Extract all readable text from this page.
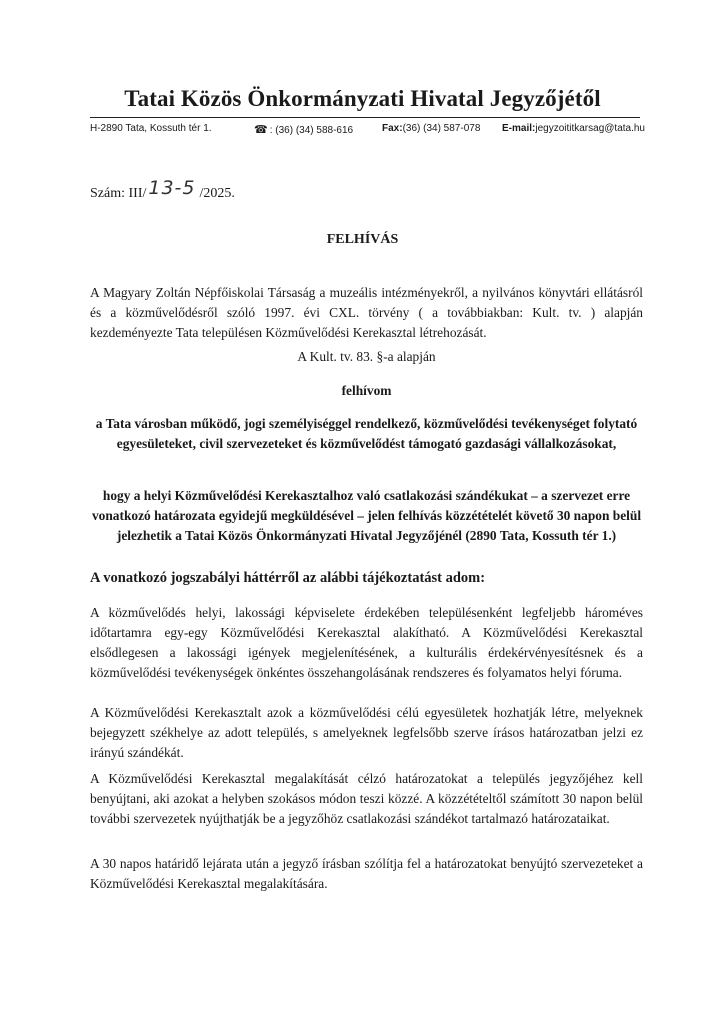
Tatai Közös Önkormányzati Hivatal Jegyzőjétől
H-2890 Tata, Kossuth tér 1.	☎ : (36) (34) 588-616	Fax:(36) (34) 587-078	E-mail:jegyzoititkarsag@tata.hu
Szám: III/ 13-5 /2025.
FELHÍVÁS
A Magyary Zoltán Népfőiskolai Társaság a muzeális intézményekről, a nyilvános könyvtári ellátásról és a közművelődésről szóló 1997. évi CXL. törvény ( a továbbiakban: Kult. tv. ) alapján kezdeményezte Tata településen Közművelődési Kerekasztal létrehozását.
A Kult. tv. 83. §-a alapján
felhívom
a Tata városban működő, jogi személyiséggel rendelkező, közművelődési tevékenységet folytató egyesületeket, civil szervezeteket és közművelődést támogató gazdasági vállalkozásokat,
hogy a helyi Közművelődési Kerekasztalhoz való csatlakozási szándékukat – a szervezet erre vonatkozó határozata egyidejű megküldésével – jelen felhívás közzétételét követő 30 napon belül jelezhetik a Tatai Közös Önkormányzati Hivatal Jegyzőjénél (2890 Tata, Kossuth tér 1.)
A vonatkozó jogszabályi háttérről az alábbi tájékoztatást adom:
A közművelődés helyi, lakossági képviselete érdekében településenként legfeljebb hároméves időtartamra egy-egy Közművelődési Kerekasztal alakítható. A Közművelődési Kerekasztal elsődlegesen a lakossági igények megjelenítésének, a kulturális érdekérvényesítésnek és a közművelődési tevékenységek önkéntes összehangolásának rendszeres és folyamatos helyi fóruma.
A Közművelődési Kerekasztalt azok a közművelődési célú egyesületek hozhatják létre, melyeknek bejegyzett székhelye az adott település, s amelyeknek legfelsőbb szerve írásos határozatban jelzi ez irányú szándékát.
A Közművelődési Kerekasztal megalakítását célzó határozatokat a település jegyzőjéhez kell benyújtani, aki azokat a helyben szokásos módon teszi közzé. A közzétételtől számított 30 napon belül további szervezetek nyújthatják be a jegyzőhöz csatlakozási szándékot tartalmazó határozataikat.
A 30 napos határidő lejárata után a jegyző írásban szólítja fel a határozatokat benyújtó szervezeteket a Közművelődési Kerekasztal megalakítására.
